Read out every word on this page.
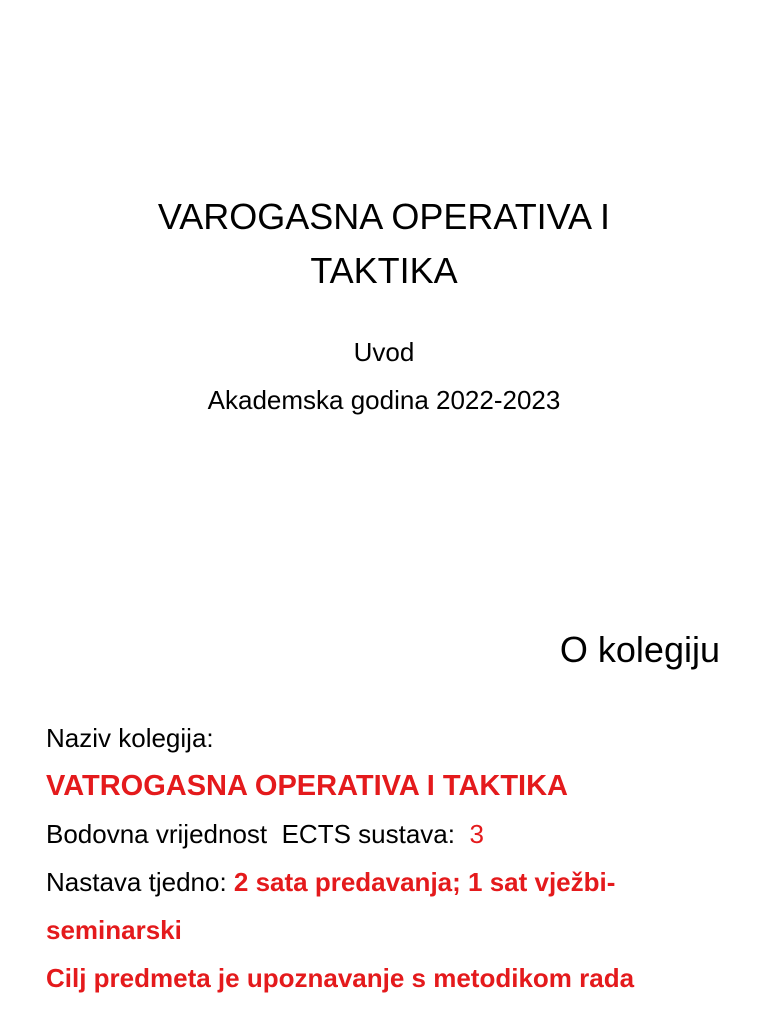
VAROGASNA OPERATIVA I
TAKTIKA
Uvod
Akademska godina 2022-2023
O kolegiju
Naziv kolegija:
VATROGASNA OPERATIVA I TAKTIKA
Bodovna vrijednost  ECTS sustava:  3
Nastava tjedno: 2 sata predavanja; 1 sat vježbi-
seminarski
Cilj predmeta je upoznavanje s metodikom rada
